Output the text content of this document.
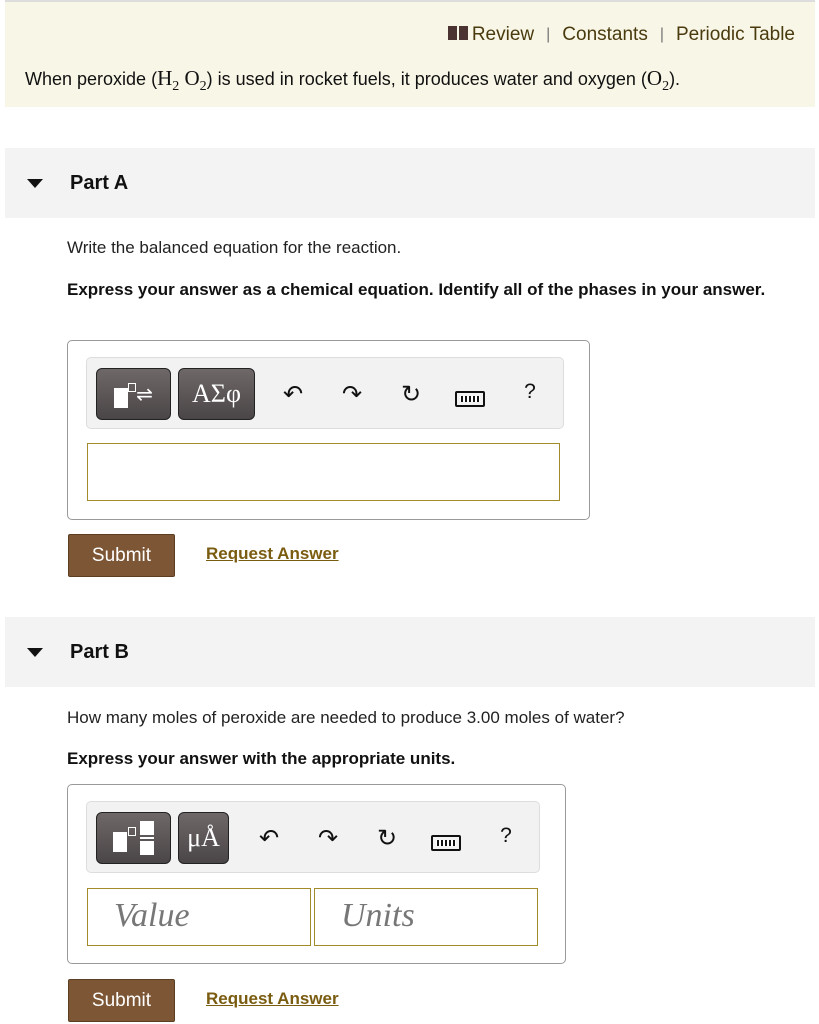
Review | Constants | Periodic Table
When peroxide ($H_2$ $O_2$) is used in rocket fuels, it produces water and oxygen $(O_2)$.
Part A
Write the balanced equation for the reaction.
Express your answer as a chemical equation. Identify all of the phases in your answer.
⇌	ΑΣφ	↶ ↷ ↻	?
Submit	Request Answer
Part B
How many moles of peroxide are needed to produce 3.00 moles of water?
Express your answer with the appropriate units.
μÅ	↶ ↷ ↻	?
Value	Units
Submit	Request Answer
